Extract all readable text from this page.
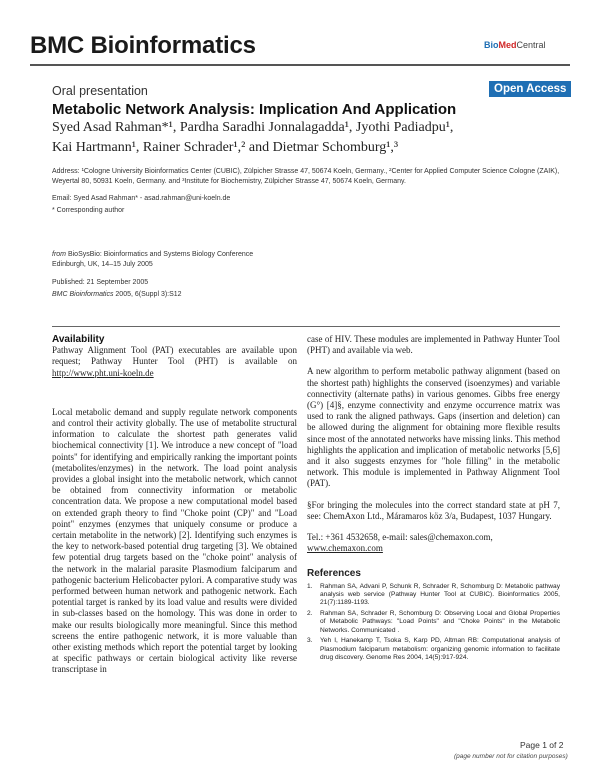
BMC Bioinformatics	BioMedCentral
Oral presentation	Open Access
Metabolic Network Analysis: Implication And Application
Syed Asad Rahman*¹, Pardha Saradhi Jonnalagadda¹, Jyothi Padiadpu¹,
Kai Hartmann¹, Rainer Schrader¹,² and Dietmar Schomburg¹,³
Address: ¹Cologne University Bioinformatics Center (CUBIC), Zülpicher Strasse 47, 50674 Koeln, Germany., ²Center for Applied Computer Science Cologne (ZAIK), Weyertal 80, 50931 Koeln, Germany. and ³Institute for Biochemistry, Zülpicher Strasse 47, 50674 Koeln, Germany.
Email: Syed Asad Rahman* - asad.rahman@uni-koeln.de
* Corresponding author
from BioSysBio: Bioinformatics and Systems Biology Conference
Edinburgh, UK, 14–15 July 2005
Published: 21 September 2005
BMC Bioinformatics 2005, 6(Suppl 3):S12
Availability

Pathway Alignment Tool (PAT) executables are available upon request; Pathway Hunter Tool (PHT) is available on http://www.pht.uni-koeln.de

Local metabolic demand and supply regulate network components and control their activity globally. The use of metabolite structural information to calculate the shortest path generates valid biochemical connectivity [1]. We introduce a new concept of "load points" for identifying and empirically ranking the important points (metabolites/enzymes) in the network. The load point analysis provides a global insight into the metabolic network, which cannot be obtained from connectivity information or metabolic concentration data. We propose a new computational model based on extended graph theory to find "Choke point (CP)" and "Load point" enzymes (enzymes that uniquely consume or produce a certain metabolite in the network) [2]. Identifying such enzymes is the key to network-based potential drug targeting [3]. We obtained few potential drug targets based on the "choke point" analysis of the network in the malarial parasite Plasmodium falciparum and pathogenic bacterium Helicobacter pylori. A comparative study was performed between human network and pathogenic network. Each potential target is ranked by its load value and results were divided in sub-classes based on the homology. This was done in order to make our results biologically more meaningful. Since this method screens the entire pathogenic network, it is more valuable than other existing methods which report the potential target by looking at specific pathways or certain biological activity like reverse transcriptase in

case of HIV. These modules are implemented in Pathway Hunter Tool (PHT) and available via web.

A new algorithm to perform metabolic pathway alignment (based on the shortest path) highlights the conserved (isoenzymes) and variable connectivity (alternate paths) in various genomes. Gibbs free energy (G°) [4]§, enzyme connectivity and enzyme occurrence matrix was used to rank the aligned pathways. Gaps (insertion and deletion) can be allowed during the alignment for obtaining more flexible results since most of the annotated networks have missing links. This method highlights the application and implication of metabolic networks [5,6] and it also suggests enzymes for "hole filling" in the metabolic network. This module is implemented in Pathway Alignment Tool (PAT).

§For bringing the molecules into the correct standard state at pH 7, see: ChemAxon Ltd., Máramaros köz 3/a, Budapest, 1037 Hungary.

Tel.: +361 4532658, e-mail: sales@chemaxon.com,
www.chemaxon.com

References
1.	Rahman SA, Advani P, Schunk R, Schrader R, Schomburg D: Metabolic pathway analysis web service (Pathway Hunter Tool at CUBIC). Bioinformatics 2005, 21(7):1189-1193.
2.	Rahman SA, Schrader R, Schomburg D: Observing Local and Global Properties of Metabolic Pathways: "Load Points" and "Choke Points" in the Metabolic Networks. Communicated .
3.	Yeh I, Hanekamp T, Tsoka S, Karp PD, Altman RB: Computational analysis of Plasmodium falciparum metabolism: organizing genomic information to facilitate drug discovery. Genome Res 2004, 14(5):917-924.
Page 1 of 2
(page number not for citation purposes)
